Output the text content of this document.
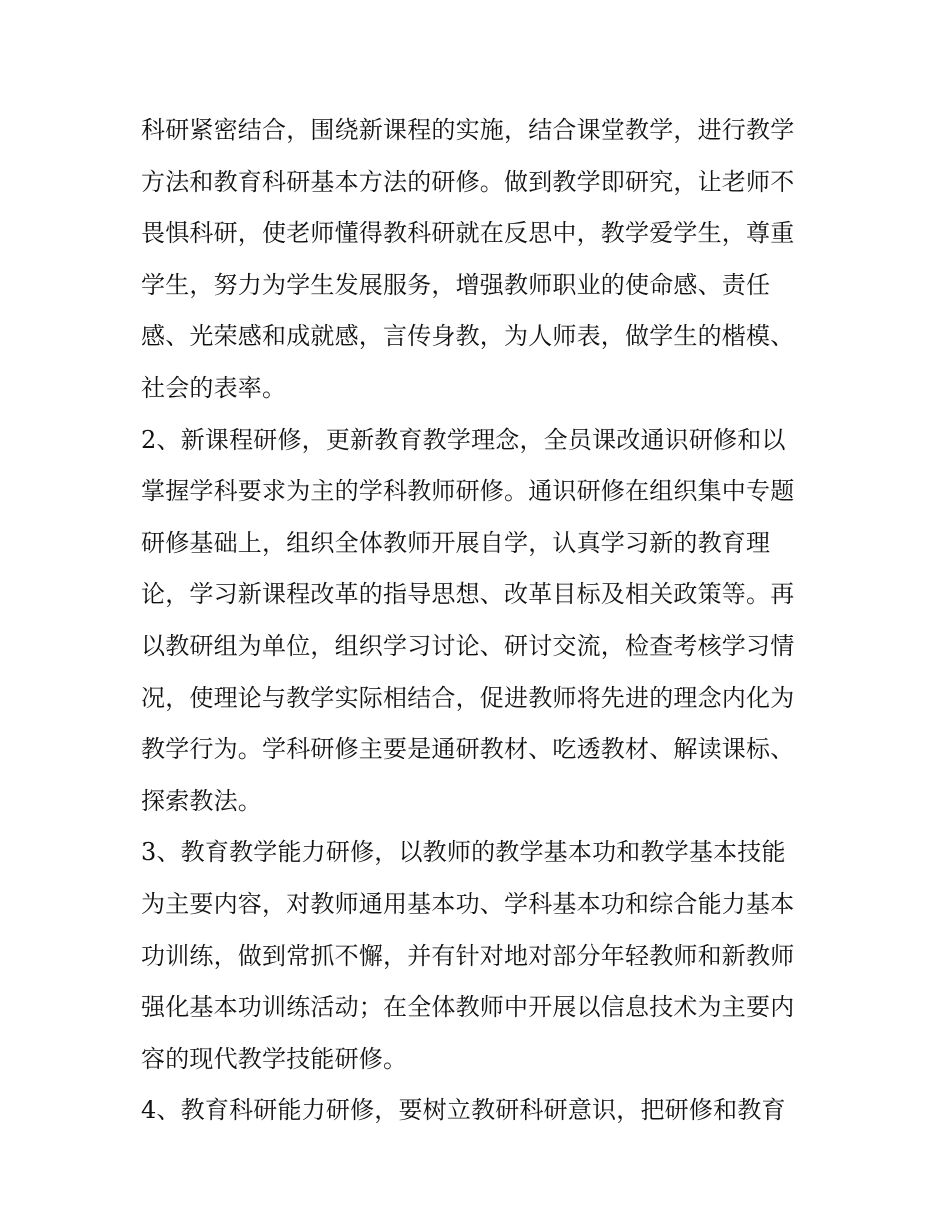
科研紧密结合，围绕新课程的实施，结合课堂教学，进行教学
方法和教育科研基本方法的研修。做到教学即研究，让老师不
畏惧科研，使老师懂得教科研就在反思中，教学爱学生，尊重
学生，努力为学生发展服务，增强教师职业的使命感、责任
感、光荣感和成就感，言传身教，为人师表，做学生的楷模、
社会的表率。
2、新课程研修，更新教育教学理念，全员课改通识研修和以
掌握学科要求为主的学科教师研修。通识研修在组织集中专题
研修基础上，组织全体教师开展自学，认真学习新的教育理
论，学习新课程改革的指导思想、改革目标及相关政策等。再
以教研组为单位，组织学习讨论、研讨交流，检查考核学习情
况，使理论与教学实际相结合，促进教师将先进的理念内化为
教学行为。学科研修主要是通研教材、吃透教材、解读课标、
探索教法。
3、教育教学能力研修，以教师的教学基本功和教学基本技能
为主要内容，对教师通用基本功、学科基本功和综合能力基本
功训练，做到常抓不懈，并有针对地对部分年轻教师和新教师
强化基本功训练活动；在全体教师中开展以信息技术为主要内
容的现代教学技能研修。
4、教育科研能力研修，要树立教研科研意识，把研修和教育
